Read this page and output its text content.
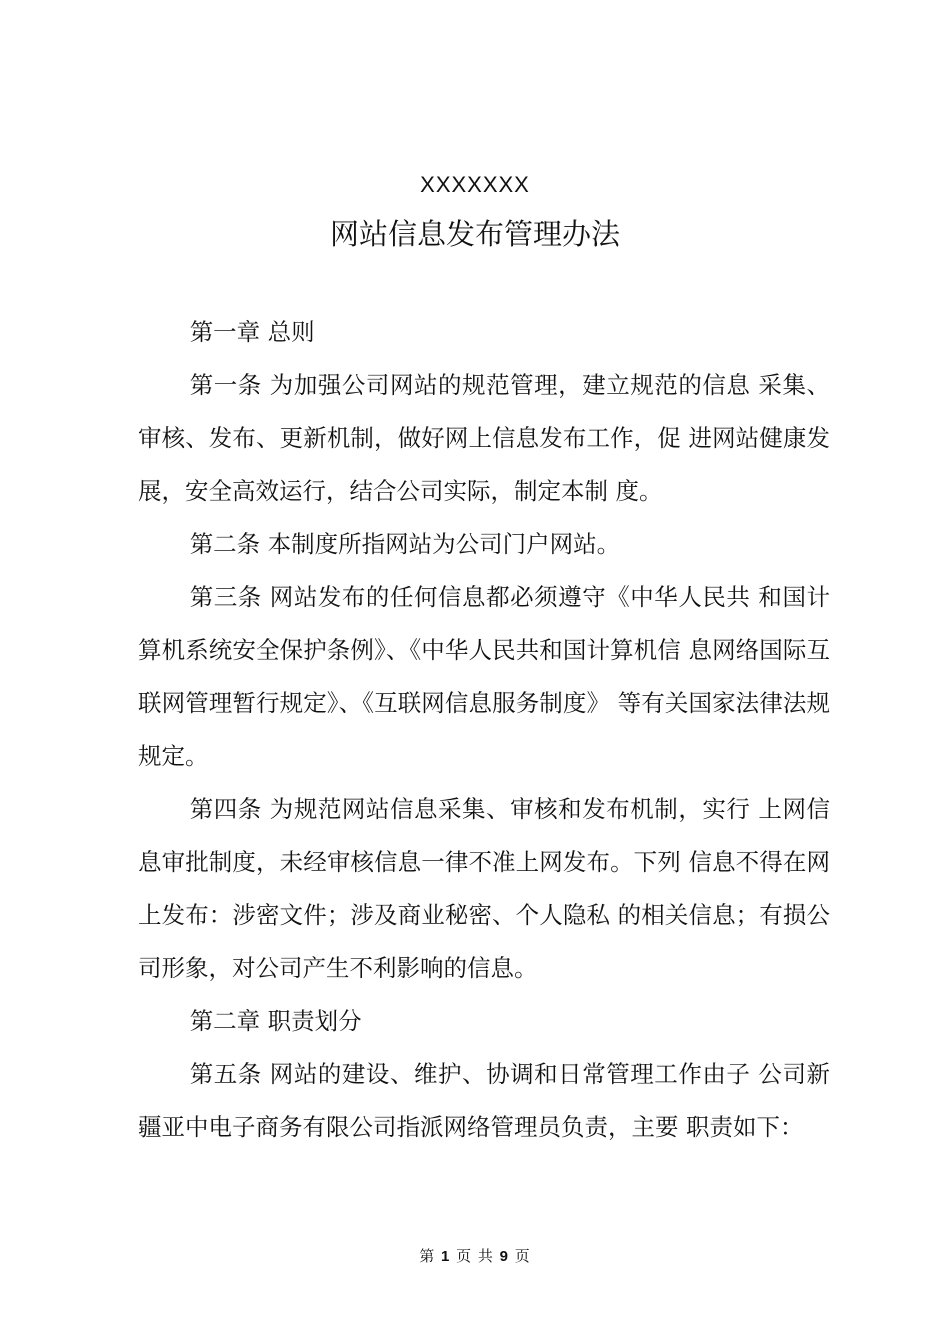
XXXXXXX
网站信息发布管理办法

第一章 总则

第一条 为加强公司网站的规范管理，建立规范的信息 采集、审核、发布、更新机制，做好网上信息发布工作，促 进网站健康发展，安全高效运行，结合公司实际，制定本制 度。

第二条 本制度所指网站为公司门户网站。

第三条 网站发布的任何信息都必须遵守《中华人民共 和国计算机系统安全保护条例》、《中华人民共和国计算机信 息网络国际互联网管理暂行规定》、《互联网信息服务制度》 等有关国家法律法规规定。

第四条 为规范网站信息采集、审核和发布机制，实行 上网信息审批制度，未经审核信息一律不准上网发布。下列 信息不得在网上发布：涉密文件；涉及商业秘密、个人隐私 的相关信息；有损公司形象，对公司产生不利影响的信息。

第二章 职责划分

第五条 网站的建设、维护、协调和日常管理工作由子 公司新疆亚中电子商务有限公司指派网络管理员负责，主要 职责如下：

第 1 页 共 9 页
